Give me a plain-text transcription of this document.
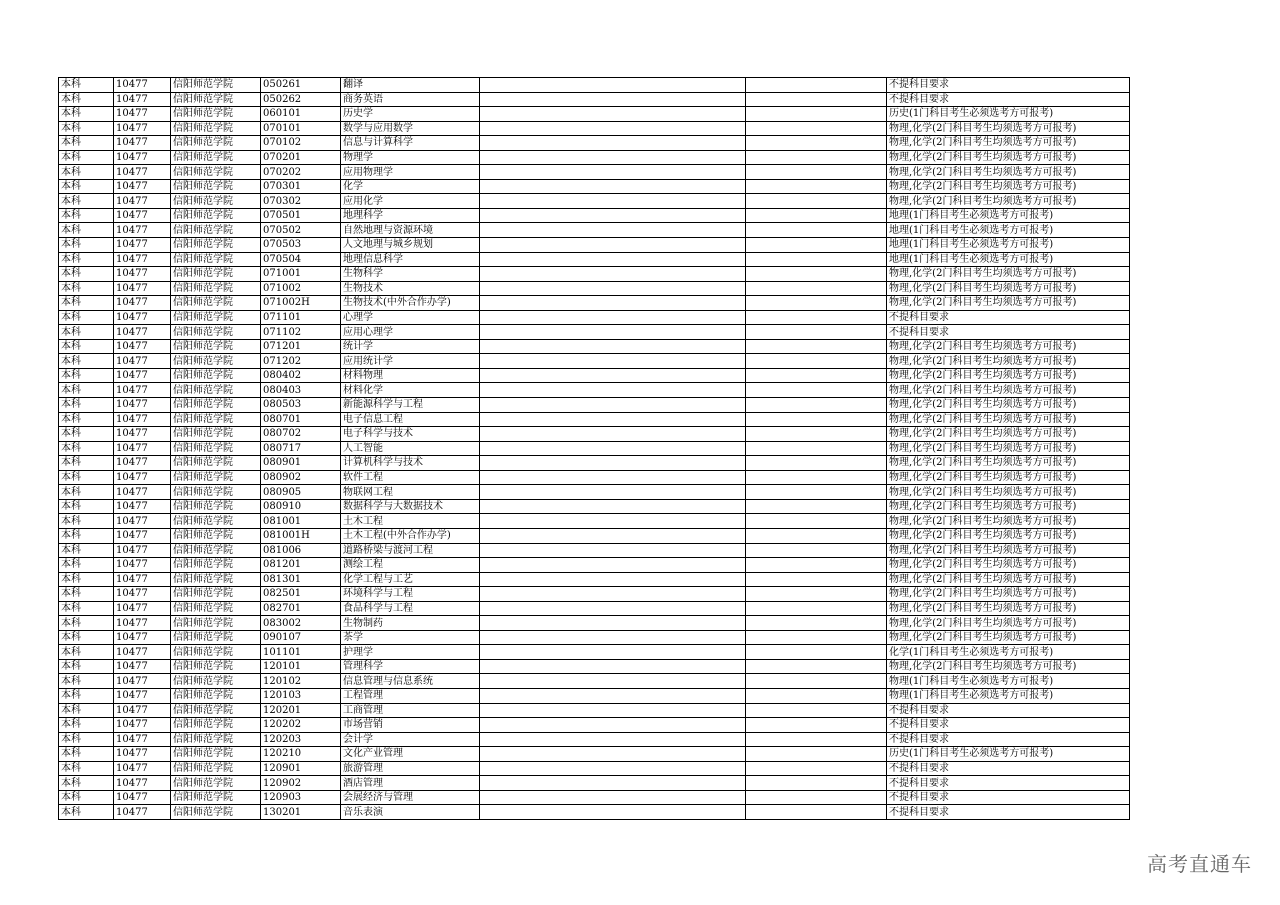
本科	10477	信阳师范学院	050261	翻译			不提科目要求
本科	10477	信阳师范学院	050262	商务英语			不提科目要求
本科	10477	信阳师范学院	060101	历史学			历史(1门科目考生必须选考方可报考)
本科	10477	信阳师范学院	070101	数学与应用数学			物理,化学(2门科目考生均须选考方可报考)
本科	10477	信阳师范学院	070102	信息与计算科学			物理,化学(2门科目考生均须选考方可报考)
本科	10477	信阳师范学院	070201	物理学			物理,化学(2门科目考生均须选考方可报考)
本科	10477	信阳师范学院	070202	应用物理学			物理,化学(2门科目考生均须选考方可报考)
本科	10477	信阳师范学院	070301	化学			物理,化学(2门科目考生均须选考方可报考)
本科	10477	信阳师范学院	070302	应用化学			物理,化学(2门科目考生均须选考方可报考)
本科	10477	信阳师范学院	070501	地理科学			地理(1门科目考生必须选考方可报考)
本科	10477	信阳师范学院	070502	自然地理与资源环境			地理(1门科目考生必须选考方可报考)
本科	10477	信阳师范学院	070503	人文地理与城乡规划			地理(1门科目考生必须选考方可报考)
本科	10477	信阳师范学院	070504	地理信息科学			地理(1门科目考生必须选考方可报考)
本科	10477	信阳师范学院	071001	生物科学			物理,化学(2门科目考生均须选考方可报考)
本科	10477	信阳师范学院	071002	生物技术			物理,化学(2门科目考生均须选考方可报考)
本科	10477	信阳师范学院	071002H	生物技术(中外合作办学)			物理,化学(2门科目考生均须选考方可报考)
本科	10477	信阳师范学院	071101	心理学			不提科目要求
本科	10477	信阳师范学院	071102	应用心理学			不提科目要求
本科	10477	信阳师范学院	071201	统计学			物理,化学(2门科目考生均须选考方可报考)
本科	10477	信阳师范学院	071202	应用统计学			物理,化学(2门科目考生均须选考方可报考)
本科	10477	信阳师范学院	080402	材料物理			物理,化学(2门科目考生均须选考方可报考)
本科	10477	信阳师范学院	080403	材料化学			物理,化学(2门科目考生均须选考方可报考)
本科	10477	信阳师范学院	080503	新能源科学与工程			物理,化学(2门科目考生均须选考方可报考)
本科	10477	信阳师范学院	080701	电子信息工程			物理,化学(2门科目考生均须选考方可报考)
本科	10477	信阳师范学院	080702	电子科学与技术			物理,化学(2门科目考生均须选考方可报考)
本科	10477	信阳师范学院	080717	人工智能			物理,化学(2门科目考生均须选考方可报考)
本科	10477	信阳师范学院	080901	计算机科学与技术			物理,化学(2门科目考生均须选考方可报考)
本科	10477	信阳师范学院	080902	软件工程			物理,化学(2门科目考生均须选考方可报考)
本科	10477	信阳师范学院	080905	物联网工程			物理,化学(2门科目考生均须选考方可报考)
本科	10477	信阳师范学院	080910	数据科学与大数据技术			物理,化学(2门科目考生均须选考方可报考)
本科	10477	信阳师范学院	081001	土木工程			物理,化学(2门科目考生均须选考方可报考)
本科	10477	信阳师范学院	081001H	土木工程(中外合作办学)			物理,化学(2门科目考生均须选考方可报考)
本科	10477	信阳师范学院	081006	道路桥梁与渡河工程			物理,化学(2门科目考生均须选考方可报考)
本科	10477	信阳师范学院	081201	测绘工程			物理,化学(2门科目考生均须选考方可报考)
本科	10477	信阳师范学院	081301	化学工程与工艺			物理,化学(2门科目考生均须选考方可报考)
本科	10477	信阳师范学院	082501	环境科学与工程			物理,化学(2门科目考生均须选考方可报考)
本科	10477	信阳师范学院	082701	食品科学与工程			物理,化学(2门科目考生均须选考方可报考)
本科	10477	信阳师范学院	083002	生物制药			物理,化学(2门科目考生均须选考方可报考)
本科	10477	信阳师范学院	090107	茶学			物理,化学(2门科目考生均须选考方可报考)
本科	10477	信阳师范学院	101101	护理学			化学(1门科目考生必须选考方可报考)
本科	10477	信阳师范学院	120101	管理科学			物理,化学(2门科目考生均须选考方可报考)
本科	10477	信阳师范学院	120102	信息管理与信息系统			物理(1门科目考生必须选考方可报考)
本科	10477	信阳师范学院	120103	工程管理			物理(1门科目考生必须选考方可报考)
本科	10477	信阳师范学院	120201	工商管理			不提科目要求
本科	10477	信阳师范学院	120202	市场营销			不提科目要求
本科	10477	信阳师范学院	120203	会计学			不提科目要求
本科	10477	信阳师范学院	120210	文化产业管理			历史(1门科目考生必须选考方可报考)
本科	10477	信阳师范学院	120901	旅游管理			不提科目要求
本科	10477	信阳师范学院	120902	酒店管理			不提科目要求
本科	10477	信阳师范学院	120903	会展经济与管理			不提科目要求
本科	10477	信阳师范学院	130201	音乐表演			不提科目要求
高考直通车
